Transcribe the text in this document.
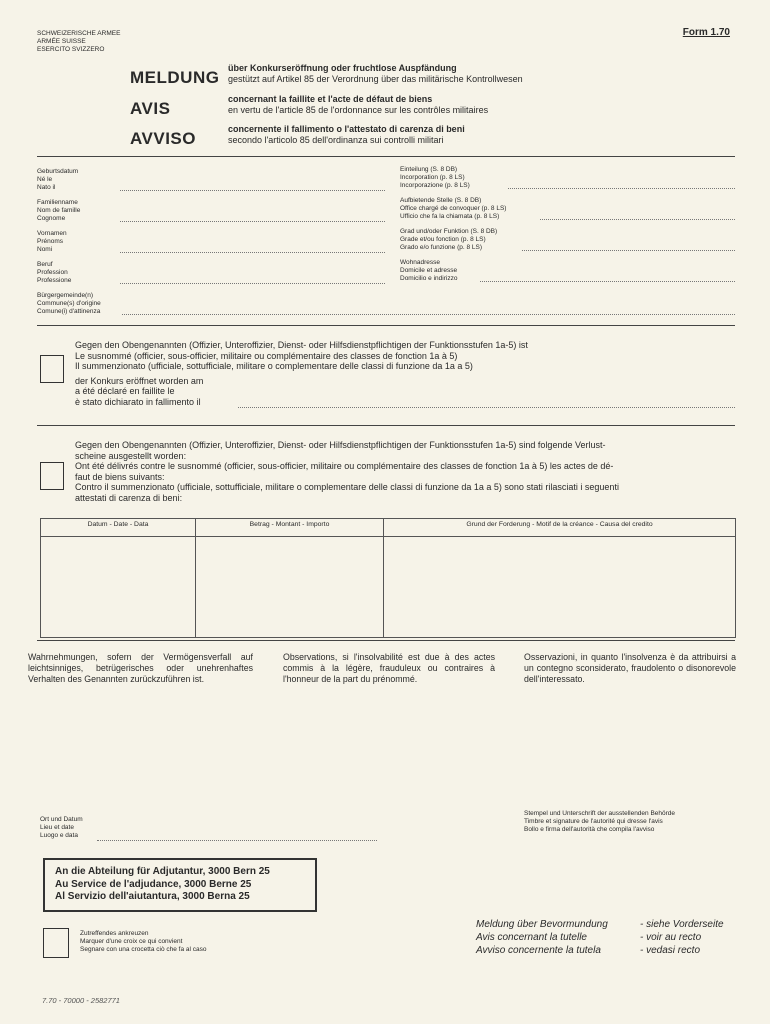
SCHWEIZERISCHE ARMEE
ARMÉE SUISSE
ESERCITO SVIZZERO
Form 1.70
MELDUNG über Konkurseröffnung oder fruchtlose Auspfändung
gestützt auf Artikel 85 der Verordnung über das militärische Kontrollwesen
AVIS	concernant la faillite et l'acte de défaut de biens
en vertu de l'article 85 de l'ordonnance sur les contrôles militaires
AVVISO	concernente il fallimento o l'attestato di carenza di beni
secondo l'articolo 85 dell'ordinanza sui controlli militari
Geburtsdatum
Né le
Nato il
Familienname
Nom de famille
Cognome
Vornamen
Prénoms
Nomi
Beruf
Profession
Professione
Bürgergemeinde(n)
Commune(s) d'origine
Comune(i) d'attinenza
Einteilung (S. 8 DB)
Incorporation (p. 8 LS)
Incorporazione (p. 8 LS)
Aufbietende Stelle (S. 8 DB)
Office chargé de convoquer (p. 8 LS)
Ufficio che fa la chiamata (p. 8 LS)
Grad und/oder Funktion (S. 8 DB)
Grade et/ou fonction (p. 8 LS)
Grado e/o funzione (p. 8 LS)
Wohnadresse
Domicile et adresse
Domicilio e indirizzo
Gegen den Obengenannten (Offizier, Unteroffizier, Dienst- oder Hilfsdienstpflichtigen der Funktionsstufen 1a-5) ist
Le susnommé (officier, sous-officier, militaire ou complémentaire des classes de fonction 1a à 5)
Il summenzionato (ufficiale, sottufficiale, militare o complementare delle classi di funzione da 1a a 5)
der Konkurs eröffnet worden am
a été déclaré en faillite le
è stato dichiarato in fallimento il
Gegen den Obengenannten (Offizier, Unteroffizier, Dienst- oder Hilfsdienstpflichtigen der Funktionsstufen 1a-5) sind folgende Verlust-
scheine ausgestellt worden:
Ont été délivrés contre le susnommé (officier, sous-officier, militaire ou complémentaire des classes de fonction 1a à 5) les actes de dé-
faut de biens suivants:
Contro il summenzionato (ufficiale, sottufficiale, militare o complementare delle classi di funzione da 1a a 5) sono stati rilasciati i seguenti
attestati di carenza di beni:
Datum - Date - Data	Betrag - Montant - Importo	Grund der Forderung - Motif de la créance - Causa del credito

Wahrnehmungen, sofern der Vermögensverfall auf leichtsinniges, betrügerisches oder unehrenhaftes Verhalten des Genannten zurückzuführen ist.
Observations, si l'insolvabilité est due à des actes commis à la légère, frauduleux ou contraires à l'honneur de la part du prénommé.
Osservazioni, in quanto l'insolvenza è da attribuirsi a un contegno sconsiderato, fraudolento o disonorevole dell'interessato.
Ort und Datum
Lieu et date
Luogo e data
Stempel und Unterschrift der ausstellenden Behörde
Timbre et signature de l'autorité qui dresse l'avis
Bollo e firma dell'autorità che compila l'avviso
An die Abteilung für Adjutantur, 3000 Bern 25
Au Service de l'adjudance, 3000 Berne 25
Al Servizio dell'aiutantura, 3000 Berna 25
Zutreffendes ankreuzen
Marquer d'une croix ce qui convient
Segnare con una crocetta ciò che fa al caso
Meldung über Bevormundung	- siehe Vorderseite
Avis concernant la tutelle	- voir au recto
Avviso concernente la tutela	- vedasi recto
7.70 - 70000 - 2582771
